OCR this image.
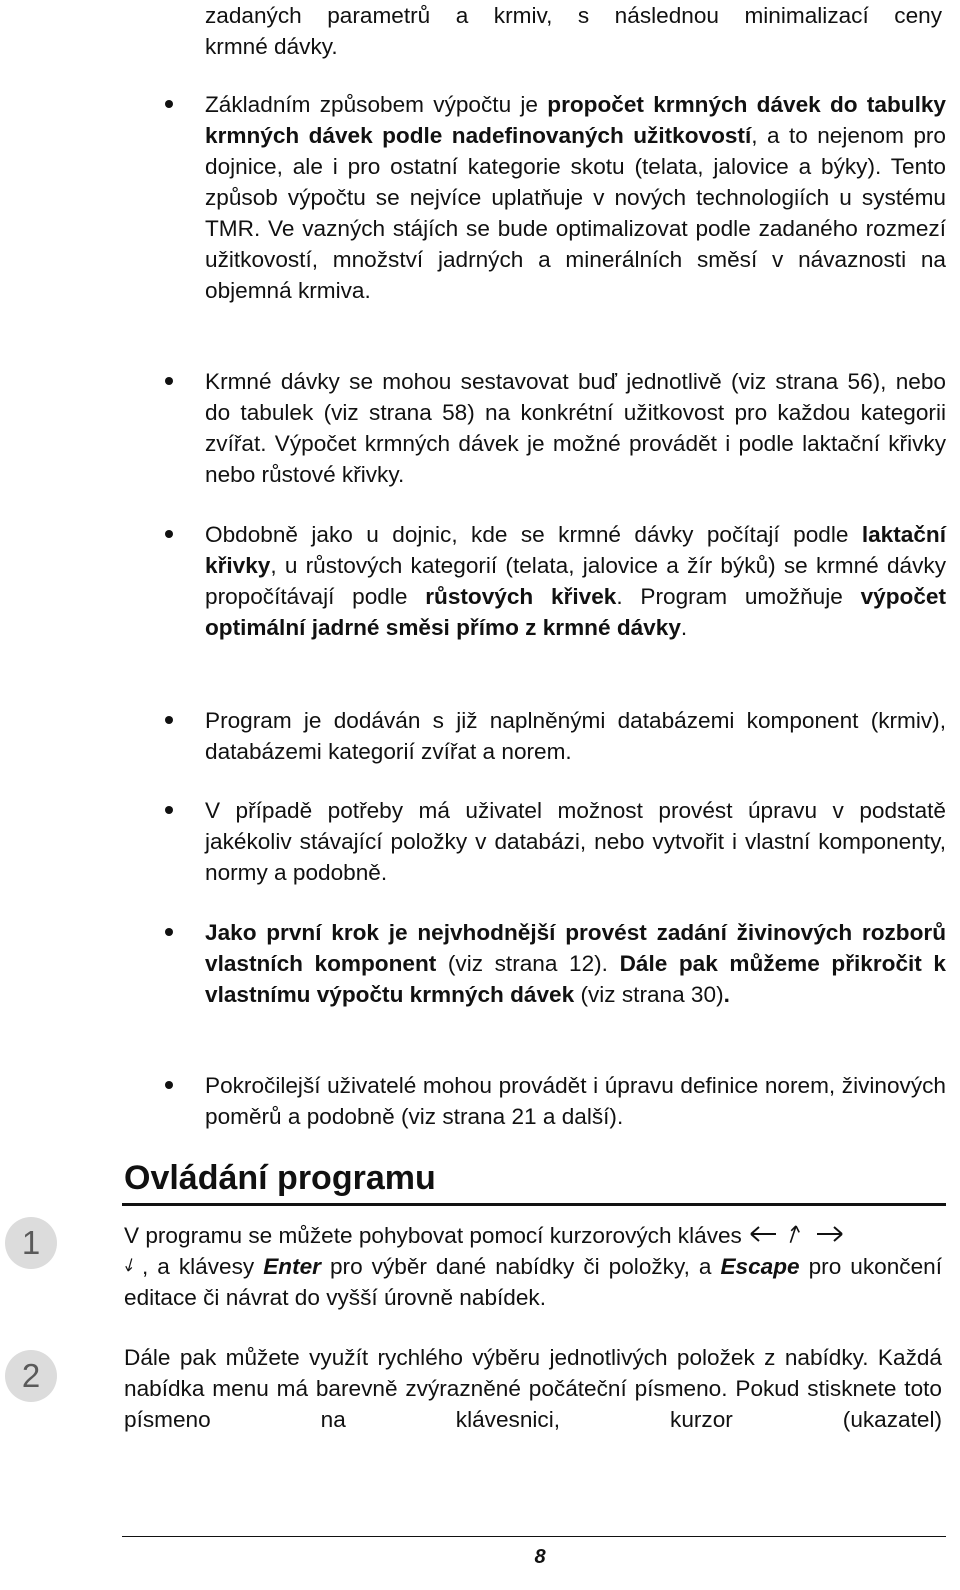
zadaných parametrů a krmiv, s následnou minimalizací ceny
krmné dávky.

Základním způsobem výpočtu je propočet krmných dávek do tabulky krmných dávek podle nadefinovaných užitkovostí, a to nejenom pro dojnice, ale i pro ostatní kategorie skotu (telata, jalovice a býky). Tento způsob výpočtu se nejvíce uplatňuje v nových technologiích u systému TMR. Ve vazných stájích se bude optimalizovat podle zadaného rozmezí užitkovostí, množství jadrných a minerálních směsí v návaznosti na objemná krmiva.

Krmné dávky se mohou sestavovat buď jednotlivě (viz strana 56), nebo do tabulek (viz strana 58) na konkrétní užitkovost pro každou kategorii zvířat. Výpočet krmných dávek je možné provádět i podle laktační křivky nebo růstové křivky.

Obdobně jako u dojnic, kde se krmné dávky počítají podle laktační křivky, u růstových kategorií (telata, jalovice a žír býků) se krmné dávky propočítávají podle růstových křivek. Program umožňuje výpočet optimální jadrné směsi přímo z krmné dávky.

Program je dodáván s již naplněnými databázemi komponent (krmiv), databázemi kategorií zvířat a norem.

V případě potřeby má uživatel možnost provést úpravu v podstatě jakékoliv stávající položky v databázi, nebo vytvořit i vlastní komponenty, normy a podobně.

Jako první krok je nejvhodnější provést zadání živinových rozborů vlastních komponent (viz strana 12). Dále pak můžeme přikročit k vlastnímu výpočtu krmných dávek (viz strana 30).

Pokročilejší uživatelé mohou provádět i úpravu definice norem, živinových poměrů a podobně (viz strana 21 a další).

Ovládání programu
1
2

V programu se můžete pohybovat pomocí kurzorových kláves
, a klávesy Enter pro výběr dané nabídky či položky, a Escape pro ukončení editace či návrat do vyšší úrovně nabídek.

Dále pak můžete využít rychlého výběru jednotlivých položek z nabídky. Každá nabídka menu má barevně zvýrazněné počáteční písmeno. Pokud stisknete toto písmeno na klávesnici, kurzor (ukazatel)

8
